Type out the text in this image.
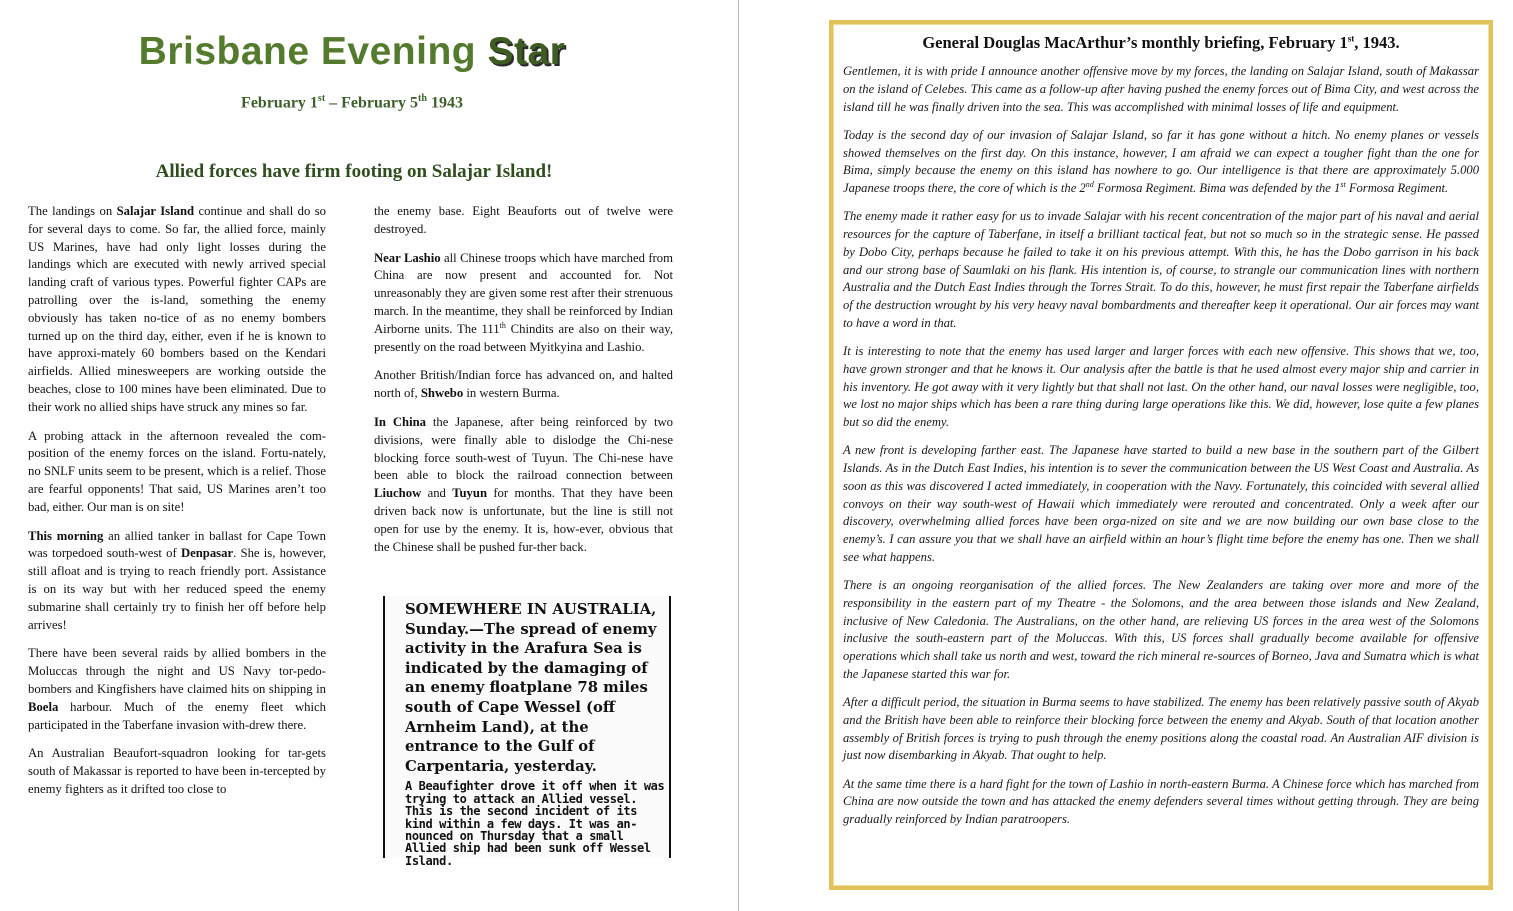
Brisbane Evening Star
February 1st – February 5th 1943
Allied forces have firm footing on Salajar Island!

The landings on Salajar Island continue and shall do so for several days to come. So far, the allied force, mainly US Marines, have had only light losses during the landings which are executed with newly arrived special landing craft of various types. Powerful fighter CAPs are patrolling over the is-land, something the enemy obviously has taken no-tice of as no enemy bombers turned up on the third day, either, even if he is known to have approxi-mately 60 bombers based on the Kendari airfields. Allied minesweepers are working outside the beaches, close to 100 mines have been eliminated. Due to their work no allied ships have struck any mines so far.

A probing attack in the afternoon revealed the com-position of the enemy forces on the island. Fortu-nately, no SNLF units seem to be present, which is a relief. Those are fearful opponents! That said, US Marines aren’t too bad, either. Our man is on site!

This morning an allied tanker in ballast for Cape Town was torpedoed south-west of Denpasar. She is, however, still afloat and is trying to reach friendly port. Assistance is on its way but with her reduced speed the enemy submarine shall certainly try to finish her off before help arrives!

There have been several raids by allied bombers in the Moluccas through the night and US Navy tor-pedo-bombers and Kingfishers have claimed hits on shipping in Boela harbour. Much of the enemy fleet which participated in the Taberfane invasion with-drew there.

An Australian Beaufort-squadron looking for tar-gets south of Makassar is reported to have been in-tercepted by enemy fighters as it drifted too close to

the enemy base. Eight Beauforts out of twelve were destroyed.

Near Lashio all Chinese troops which have marched from China are now present and accounted for. Not unreasonably they are given some rest after their strenuous march. In the meantime, they shall be reinforced by Indian Airborne units. The 111th Chindits are also on their way, presently on the road between Myitkyina and Lashio.

Another British/Indian force has advanced on, and halted north of, Shwebo in western Burma.

In China the Japanese, after being reinforced by two divisions, were finally able to dislodge the Chi-nese blocking force south-west of Tuyun. The Chi-nese have been able to block the railroad connection between Liuchow and Tuyun for months. That they have been driven back now is unfortunate, but the line is still not open for use by the enemy. It is, how-ever, obvious that the Chinese shall be pushed fur-ther back.

SOMEWHERE IN AUSTRALIA, Sunday.—The spread of enemy activity in the Arafura Sea is indicated by the damaging of an enemy floatplane 78 miles south of Cape Wessel (off Arnheim Land), at the entrance to the Gulf of Carpentaria, yesterday.

A Beaufighter drove it off when it was trying to attack an Allied vessel. This is the second incident of its kind within a few days. It was an-nounced on Thursday that a small Allied ship had been sunk off Wessel Island.

General Douglas MacArthur’s monthly briefing, February 1st, 1943.

Gentlemen, it is with pride I announce another offensive move by my forces, the landing on Salajar Island, south of Makassar on the island of Celebes. This came as a follow-up after having pushed the enemy forces out of Bima City, and west across the island till he was finally driven into the sea. This was accomplished with minimal losses of life and equipment.

Today is the second day of our invasion of Salajar Island, so far it has gone without a hitch. No enemy planes or vessels showed themselves on the first day. On this instance, however, I am afraid we can expect a tougher fight than the one for Bima, simply because the enemy on this island has nowhere to go. Our intelligence is that there are approximately 5.000 Japanese troops there, the core of which is the 2nd Formosa Regiment. Bima was defended by the 1st Formosa Regiment.

The enemy made it rather easy for us to invade Salajar with his recent concentration of the major part of his naval and aerial resources for the capture of Taberfane, in itself a brilliant tactical feat, but not so much so in the strategic sense. He passed by Dobo City, perhaps because he failed to take it on his previous attempt. With this, he has the Dobo garrison in his back and our strong base of Saumlaki on his flank. His intention is, of course, to strangle our communication lines with northern Australia and the Dutch East Indies through the Torres Strait. To do this, however, he must first repair the Taberfane airfields of the destruction wrought by his very heavy naval bombardments and thereafter keep it operational. Our air forces may want to have a word in that.

It is interesting to note that the enemy has used larger and larger forces with each new offensive. This shows that we, too, have grown stronger and that he knows it. Our analysis after the battle is that he used almost every major ship and carrier in his inventory. He got away with it very lightly but that shall not last. On the other hand, our naval losses were negligible, too, we lost no major ships which has been a rare thing during large operations like this. We did, however, lose quite a few planes but so did the enemy.

A new front is developing farther east. The Japanese have started to build a new base in the southern part of the Gilbert Islands. As in the Dutch East Indies, his intention is to sever the communication between the US West Coast and Australia. As soon as this was discovered I acted immediately, in cooperation with the Navy. Fortunately, this coincided with several allied convoys on their way south-west of Hawaii which immediately were rerouted and concentrated. Only a week after our discovery, overwhelming allied forces have been orga-nized on site and we are now building our own base close to the enemy’s. I can assure you that we shall have an airfield within an hour’s flight time before the enemy has one. Then we shall see what happens.

There is an ongoing reorganisation of the allied forces. The New Zealanders are taking over more and more of the responsibility in the eastern part of my Theatre - the Solomons, and the area between those islands and New Zealand, inclusive of New Caledonia. The Australians, on the other hand, are relieving US forces in the area west of the Solomons inclusive the south-eastern part of the Moluccas. With this, US forces shall gradually become available for offensive operations which shall take us north and west, toward the rich mineral re-sources of Borneo, Java and Sumatra which is what the Japanese started this war for.

After a difficult period, the situation in Burma seems to have stabilized. The enemy has been relatively passive south of Akyab and the British have been able to reinforce their blocking force between the enemy and Akyab. South of that location another assembly of British forces is trying to push through the enemy positions along the coastal road. An Australian AIF division is just now disembarking in Akyab. That ought to help.

At the same time there is a hard fight for the town of Lashio in north-eastern Burma. A Chinese force which has marched from China are now outside the town and has attacked the enemy defenders several times without getting through. They are being gradually reinforced by Indian paratroopers.
